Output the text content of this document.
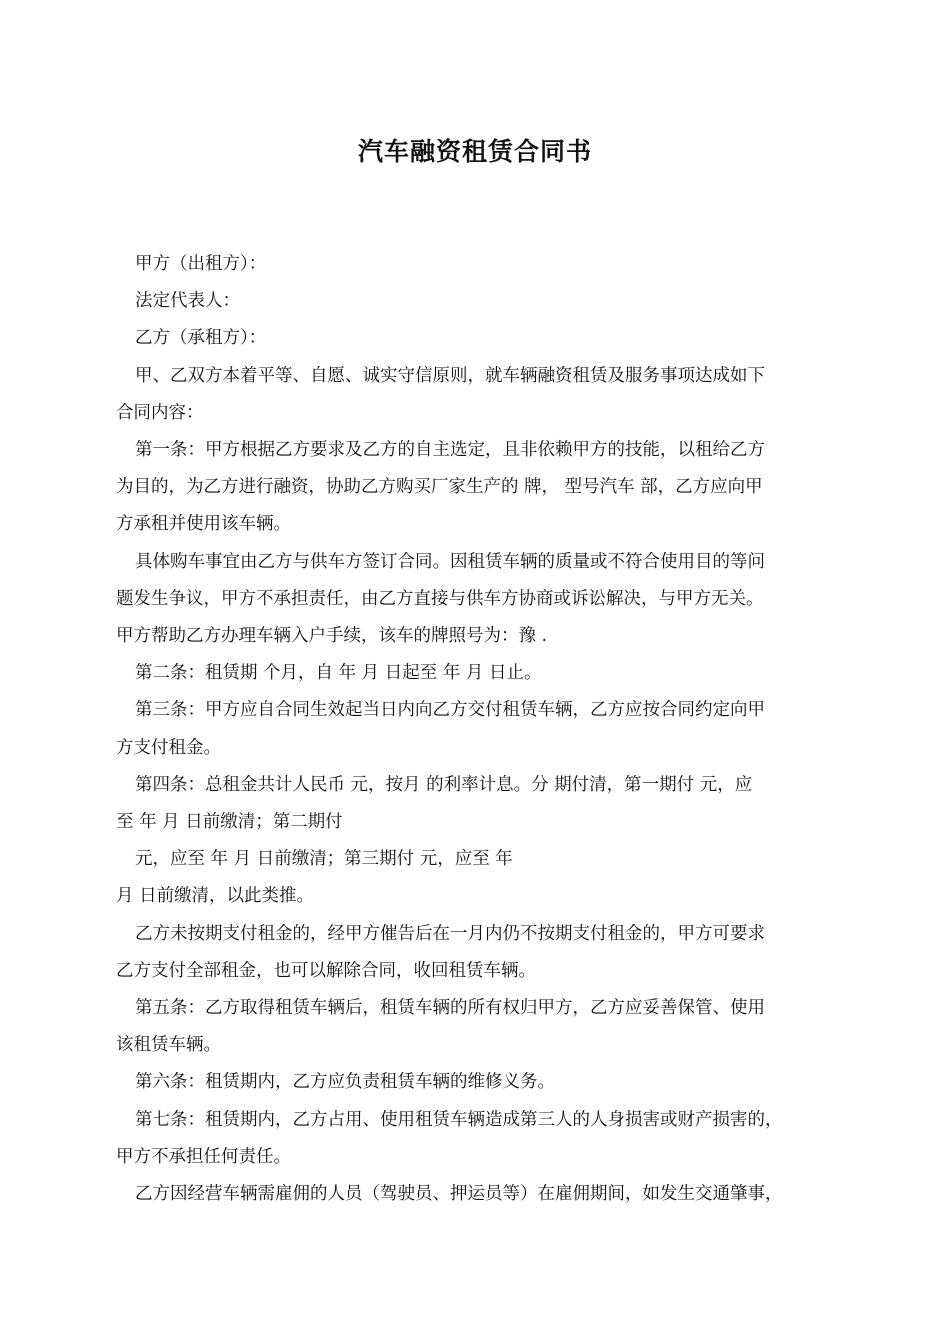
汽车融资租赁合同书

甲方（出租方）：

法定代表人：

乙方（承租方）：

甲、乙双方本着平等、自愿、诚实守信原则，就车辆融资租赁及服务事项达成如下

合同内容：

第一条：甲方根据乙方要求及乙方的自主选定，且非依赖甲方的技能，以租给乙方

为目的，为乙方进行融资，协助乙方购买厂家生产的 牌， 型号汽车 部，乙方应向甲

方承租并使用该车辆。

具体购车事宜由乙方与供车方签订合同。因租赁车辆的质量或不符合使用目的等问

题发生争议，甲方不承担责任，由乙方直接与供车方协商或诉讼解决，与甲方无关。

甲方帮助乙方办理车辆入户手续，该车的牌照号为：豫 .

第二条：租赁期 个月，自 年 月 日起至 年 月 日止。

第三条：甲方应自合同生效起当日内向乙方交付租赁车辆，乙方应按合同约定向甲

方支付租金。

第四条：总租金共计人民币 元，按月 的利率计息。分 期付清，第一期付 元，应

至 年 月 日前缴清；第二期付

元，应至 年 月 日前缴清；第三期付 元，应至 年

月 日前缴清，以此类推。

乙方未按期支付租金的，经甲方催告后在一月内仍不按期支付租金的，甲方可要求

乙方支付全部租金，也可以解除合同，收回租赁车辆。

第五条：乙方取得租赁车辆后，租赁车辆的所有权归甲方，乙方应妥善保管、使用

该租赁车辆。

第六条：租赁期内，乙方应负责租赁车辆的维修义务。

第七条：租赁期内，乙方占用、使用租赁车辆造成第三人的人身损害或财产损害的，

甲方不承担任何责任。

乙方因经营车辆需雇佣的人员（驾驶员、押运员等）在雇佣期间，如发生交通肇事，
